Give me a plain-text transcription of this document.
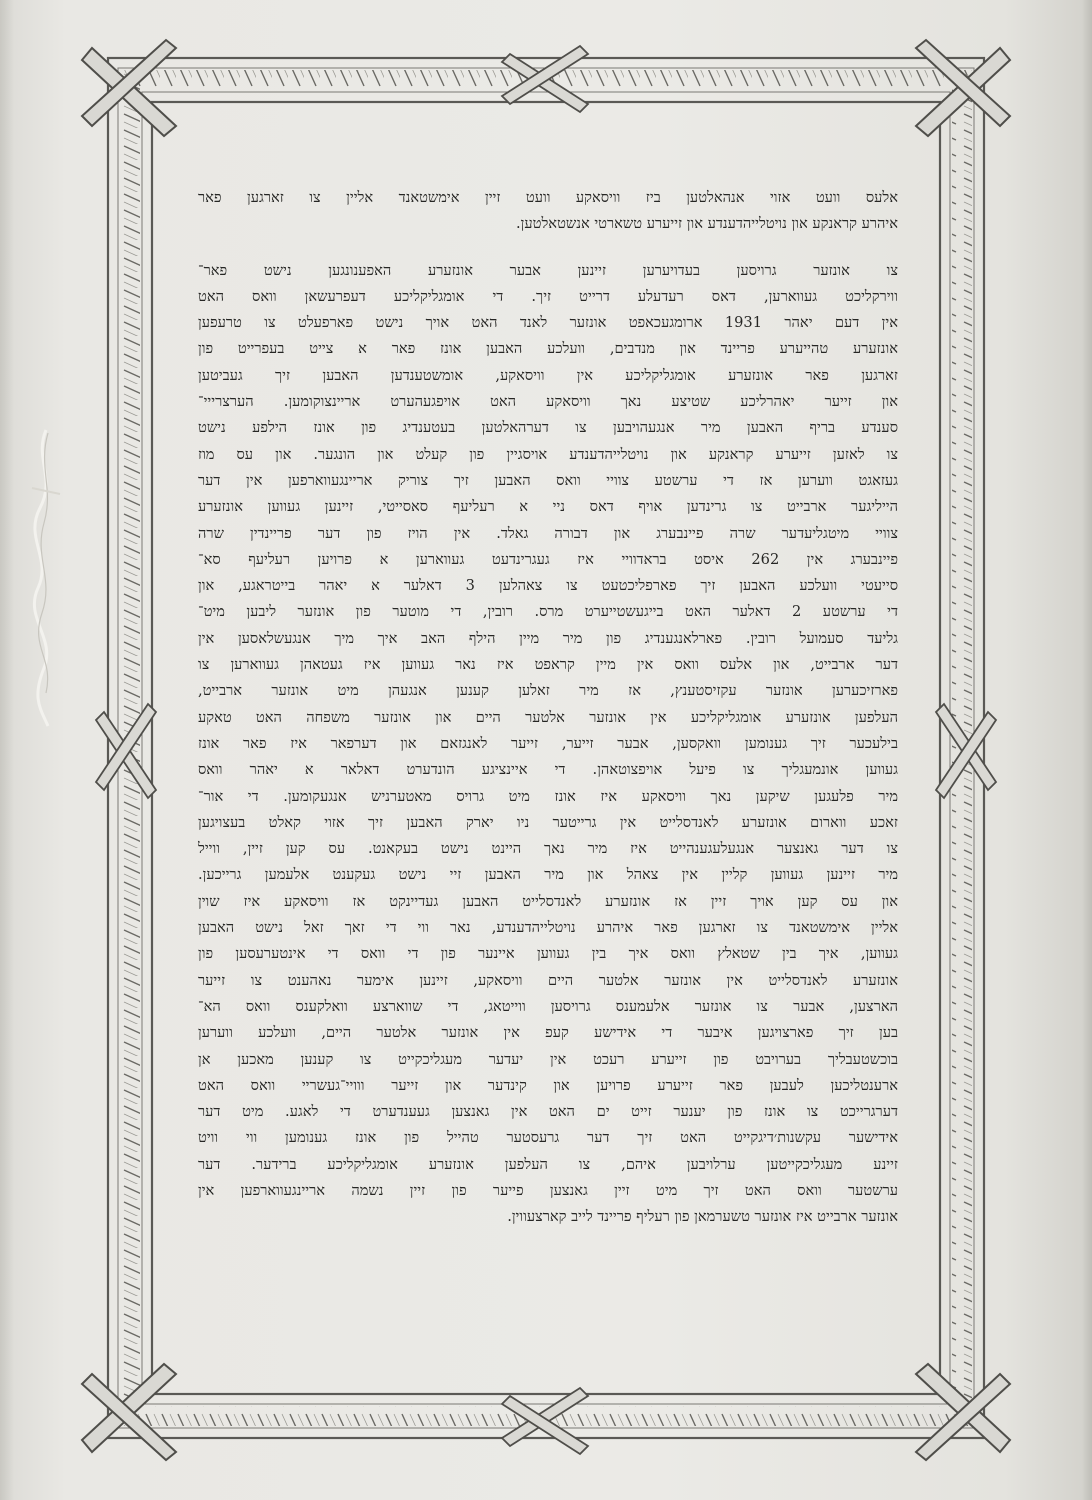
אלעס וועט אזוי אנהאלטען ביז וויסאקע וועט זיין אימשטאנד אליין צו זארגען פאר
איהרע קראנקע און נויטלייהדענדע און זייערע טשארטי אנשטאלטען.

צו אונזער גרויסען בעדויערען זיינען אבער אונזערע האפענונגען נישט פאר־
ווירקליכט געווארען, דאס רעדעלע דרייט זיך. די אומגליקליכע דעפרעשאן וואס האט
אין דעם יאהר 1931 ארומגעכאפט אונזער לאנד האט אויך נישט פארפעלט צו טרעפען
אונזערע טהייערע פריינד און מנדבים, וועלכע האבען אונז פאר א צייט בעפרייט פון
זארגען פאר אונזערע אומגליקליכע אין וויסאקע, אומשטענדען האבען זיך געביטען
און זייער יאהרליכע שטיצע נאך וויסאקע האט אויפגעהערט אריינצוקומען. הערצרייי־
סענדע בריף האבען מיר אנגעהויבען צו דערהאלטען בעטענדיג פון אונז הילפע נישט
צו לאזען זייערע קראנקע און נויטלייהדענדע אויסגיין פון קעלט און הונגער. און עס מוז
געזאגט ווערען אז די ערשטע צוויי וואס האבען זיך צוריק אריינגעווארפען אין דער
הייליגער ארבייט צו גרינדען אויף דאס ניי א רעליעף סאסייטי, זיינען געווען אונזערע
צוויי מיטגליעדער שרה פיינבערג און דבורה גאלד. אין הויז פון דער פריינדין שרה
פיינבערג אין 262 איסט בראדוויי איז געגרינדעט געווארען א פרויען רעליעף סא־
סייעטי וועלכע האבען זיך פארפליכטעט צו צאהלען 3 דאלער א יאהר בייטראגע, און
די ערשטע 2 דאלער האט בייגעשטייערט מרס. רובין, די מוטער פון אונזער ליבען מיט־
גליעד סעמועל רובין. פארלאנגענדיג פון מיר מיין הילף האב איך מיך אנגעשלאסען אין
דער ארבייט, און אלעס וואס אין מיין קראפט איז נאר געווען איז געטאהן געווארען צו
פארזיכערען אונזער עקזיסטענץ, אז מיר זאלען קענען אנגעהן מיט אונזער ארבייט,
העלפען אונזערע אומגליקליכע אין אונזער אלטער היים און אונזער משפחה האט טאקע
בילעכער זיך גענומען וואקסען, אבער זייער, זייער לאנגזאם און דערפאר איז פאר אונז
געווען אונמעגליך צו פיעל אויפצוטאהן. די איינציגע הונדערט דאלאר א יאהר וואס
מיר פלעגען שיקען נאך וויסאקע איז אונז מיט גרויס מאטערניש אנגעקומען. די אור־
זאכע ווארום אונזערע לאנדסלייט אין גרייטער ניו יארק האבען זיך אזוי קאלט בעצויגען
צו דער גאנצער אנגעלעגענהייט איז מיר נאך היינט נישט בעקאנט. עס קען זיין, ווייל
מיר זיינען געווען קליין אין צאהל און מיר האבען זיי נישט געקענט אלעמען גרייכען.
און עס קען אויך זיין אז אונזערע לאנדסלייט האבען געדיינקט אז וויסאקע איז שוין
אליין אימשטאנד צו זארגען פאר איהרע נויטלייהדענדע, נאר ווי די זאך זאל נישט האבען
געווען, איך בין שטאלץ וואס איך בין געווען איינער פון די וואס די אינטערעסען פון
אונזערע לאנדסלייט אין אונזער אלטער היים וויסאקע, זיינען אימער נאהענט צו זייער
הארצען, אבער צו אונזער אלעמענס גרויסען ווייטאג, די שווארצע וואלקענס וואס הא־
בען זיך פארצויגען איבער די אידישע קעפ אין אונזער אלטער היים, וועלכע ווערען
בוכשטעבליך בערויבט פון זייערע רעכט אין יעדער מעגליכקייט צו קענען מאכען אן
ארענטליכען לעבען פאר זייערע פרויען און קינדער און זייער ווויי־געשריי וואס האט
דערגרייכט צו אונז פון יענער זייט ים האט אין גאנצען געענדערט די לאגע. מיט דער
אידישער עקשנות׳דיגקייט האט זיך דער גרעסטער טהייל פון אונז גענומען ווי וויט
זיינע מעגליכקייטען ערלויבען איהם, צו העלפען אונזערע אומגליקליכע ברידער. דער
ערשטער וואס האט זיך מיט זיין גאנצען פייער פון זיין נשמה אריינגעווארפען אין
אונזער ארבייט איז אונזער טשערמאן פון רעליף פריינד לייב קארצעווין.
